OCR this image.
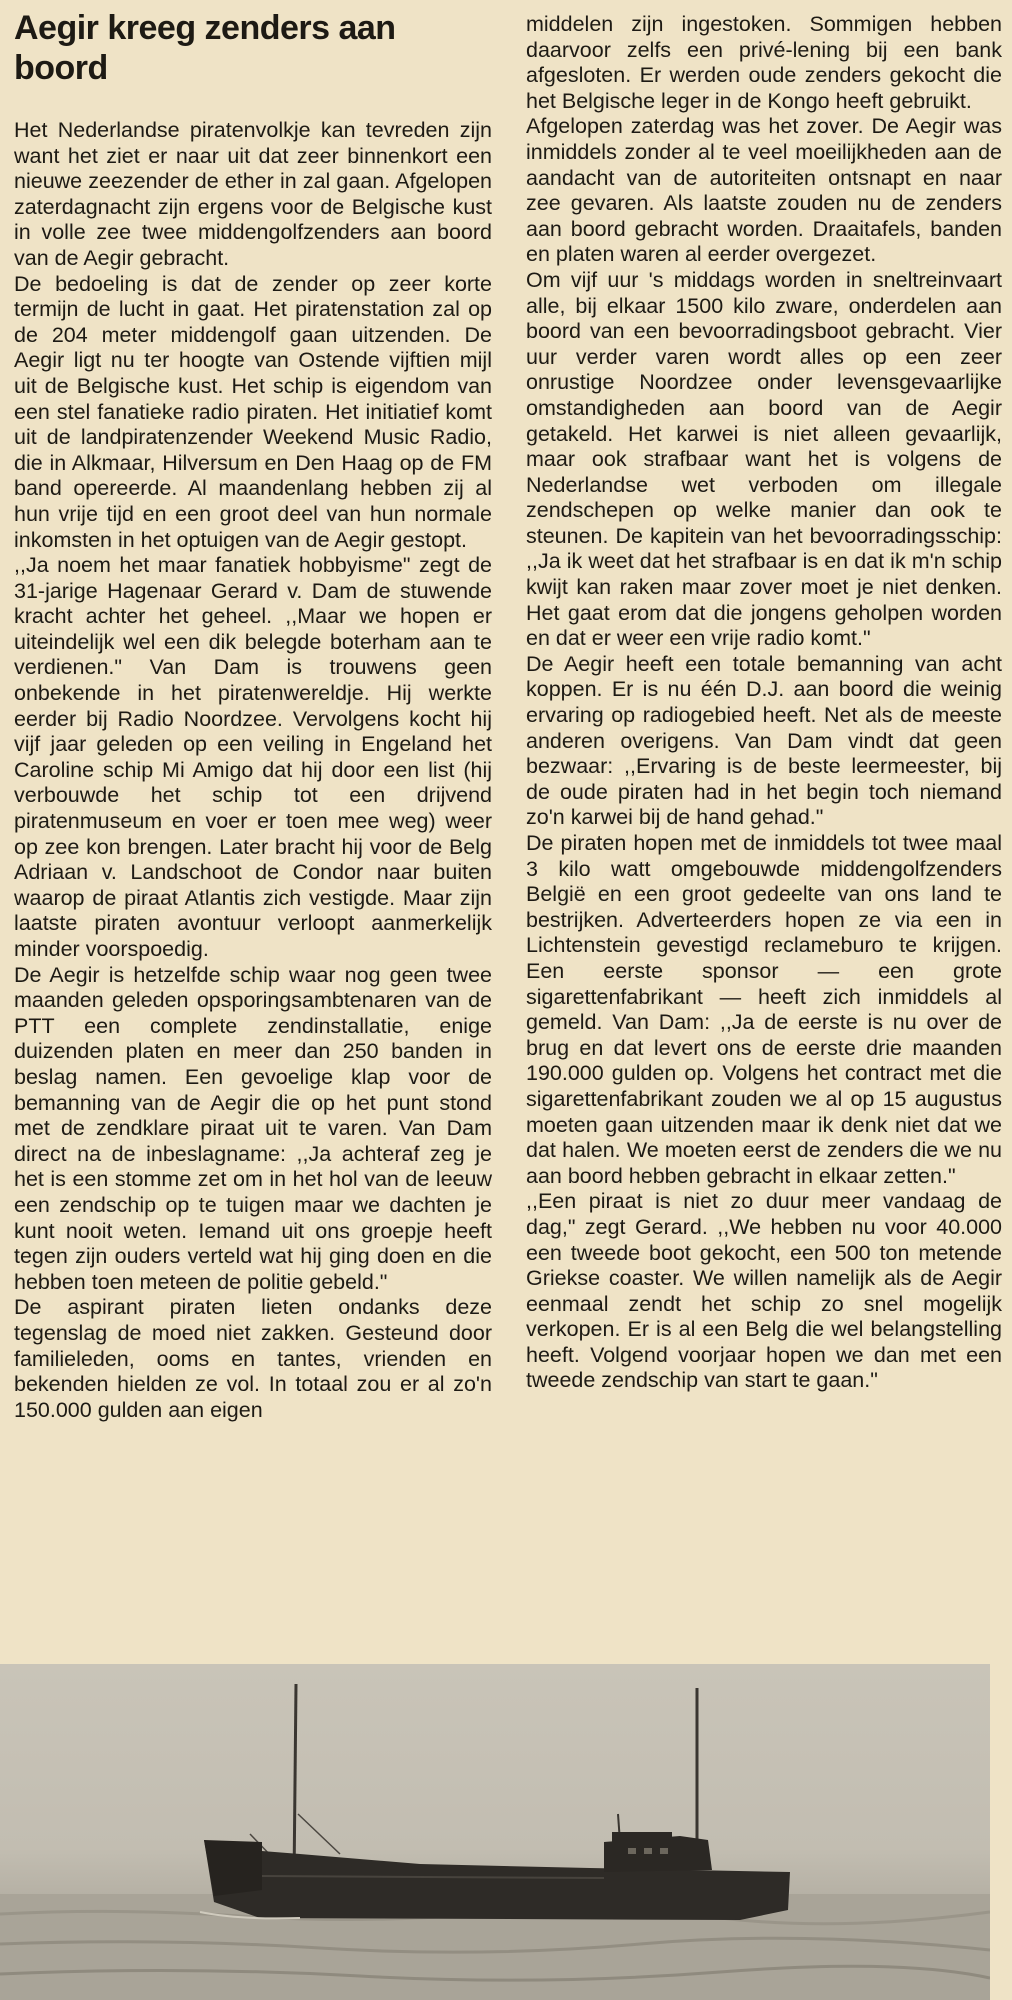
Aegir kreeg zenders aan boord

Het Nederlandse piratenvolkje kan tevreden zijn want het ziet er naar uit dat zeer binnenkort een nieuwe zeezender de ether in zal gaan. Afgelopen zaterdagnacht zijn ergens voor de Belgische kust in volle zee twee middengolfzenders aan boord van de Aegir gebracht.

De bedoeling is dat de zender op zeer korte termijn de lucht in gaat. Het piratenstation zal op de 204 meter middengolf gaan uitzenden. De Aegir ligt nu ter hoogte van Ostende vijftien mijl uit de Belgische kust. Het schip is eigendom van een stel fanatieke radio piraten. Het initiatief komt uit de landpiratenzender Weekend Music Radio, die in Alkmaar, Hilversum en Den Haag op de FM band opereerde. Al maandenlang hebben zij al hun vrije tijd en een groot deel van hun normale inkomsten in het optuigen van de Aegir gestopt.

,,Ja noem het maar fanatiek hobbyisme" zegt de 31-jarige Hagenaar Gerard v. Dam de stuwende kracht achter het geheel. ,,Maar we hopen er uiteindelijk wel een dik belegde boterham aan te verdienen." Van Dam is trouwens geen onbekende in het piratenwereldje. Hij werkte eerder bij Radio Noordzee. Vervolgens kocht hij vijf jaar geleden op een veiling in Engeland het Caroline schip Mi Amigo dat hij door een list (hij verbouwde het schip tot een drijvend piratenmuseum en voer er toen mee weg) weer op zee kon brengen. Later bracht hij voor de Belg Adriaan v. Landschoot de Condor naar buiten waarop de piraat Atlantis zich vestigde. Maar zijn laatste piraten avontuur verloopt aanmerkelijk minder voorspoedig.

De Aegir is hetzelfde schip waar nog geen twee maanden geleden opsporingsambtenaren van de PTT een complete zendinstallatie, enige duizenden platen en meer dan 250 banden in beslag namen. Een gevoelige klap voor de bemanning van de Aegir die op het punt stond met de zendklare piraat uit te varen. Van Dam direct na de inbeslagname: ,,Ja achteraf zeg je het is een stomme zet om in het hol van de leeuw een zendschip op te tuigen maar we dachten je kunt nooit weten. Iemand uit ons groepje heeft tegen zijn ouders verteld wat hij ging doen en die hebben toen meteen de politie gebeld."

De aspirant piraten lieten ondanks deze tegenslag de moed niet zakken. Gesteund door familieleden, ooms en tantes, vrienden en bekenden hielden ze vol. In totaal zou er al zo'n 150.000 gulden aan eigen

middelen zijn ingestoken. Sommigen hebben daarvoor zelfs een privé-lening bij een bank afgesloten. Er werden oude zenders gekocht die het Belgische leger in de Kongo heeft gebruikt.

Afgelopen zaterdag was het zover. De Aegir was inmiddels zonder al te veel moeilijkheden aan de aandacht van de autoriteiten ontsnapt en naar zee gevaren. Als laatste zouden nu de zenders aan boord gebracht worden. Draaitafels, banden en platen waren al eerder overgezet.

Om vijf uur 's middags worden in sneltreinvaart alle, bij elkaar 1500 kilo zware, onderdelen aan boord van een bevoorradingsboot gebracht. Vier uur verder varen wordt alles op een zeer onrustige Noordzee onder levensgevaarlijke omstandigheden aan boord van de Aegir getakeld. Het karwei is niet alleen gevaarlijk, maar ook strafbaar want het is volgens de Nederlandse wet verboden om illegale zendschepen op welke manier dan ook te steunen. De kapitein van het bevoorradingsschip: ,,Ja ik weet dat het strafbaar is en dat ik m'n schip kwijt kan raken maar zover moet je niet denken. Het gaat erom dat die jongens geholpen worden en dat er weer een vrije radio komt."

De Aegir heeft een totale bemanning van acht koppen. Er is nu één D.J. aan boord die weinig ervaring op radiogebied heeft. Net als de meeste anderen overigens. Van Dam vindt dat geen bezwaar: ,,Ervaring is de beste leermeester, bij de oude piraten had in het begin toch niemand zo'n karwei bij de hand gehad."

De piraten hopen met de inmiddels tot twee maal 3 kilo watt omgebouwde middengolfzenders België en een groot gedeelte van ons land te bestrijken. Adverteerders hopen ze via een in Lichtenstein gevestigd reclameburo te krijgen. Een eerste sponsor — een grote sigarettenfabrikant — heeft zich inmiddels al gemeld. Van Dam: ,,Ja de eerste is nu over de brug en dat levert ons de eerste drie maanden 190.000 gulden op. Volgens het contract met die sigarettenfabrikant zouden we al op 15 augustus moeten gaan uitzenden maar ik denk niet dat we dat halen. We moeten eerst de zenders die we nu aan boord hebben gebracht in elkaar zetten."

,,Een piraat is niet zo duur meer vandaag de dag," zegt Gerard. ,,We hebben nu voor 40.000 een tweede boot gekocht, een 500 ton metende Griekse coaster. We willen namelijk als de Aegir eenmaal zendt het schip zo snel mogelijk verkopen. Er is al een Belg die wel belangstelling heeft. Volgend voorjaar hopen we dan met een tweede zendschip van start te gaan."
